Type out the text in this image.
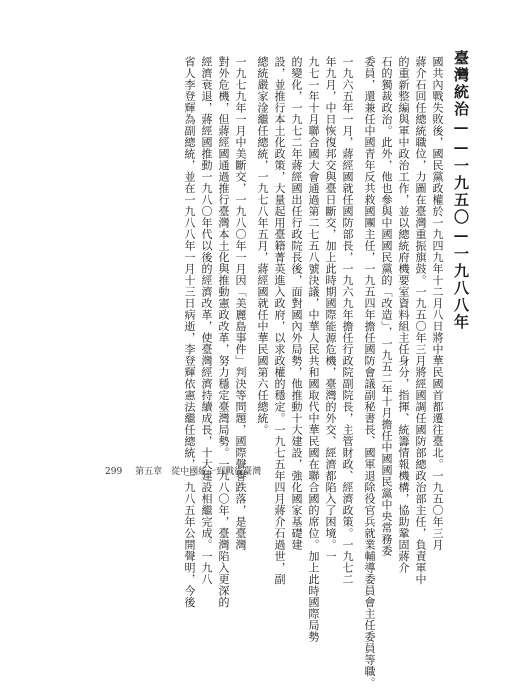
臺灣統治——一九五〇—一九八八年
國共內戰失敗後，國民黨政權於一九四九年十二月八日將中華民國首都遷往臺北。一九五〇年三月
蔣介石回任總統職位，力圖在臺灣重振旗鼓。一九五〇年三月將經國調任國防部總政治部主任，負責軍中
的重新整編與軍中政治工作，並以總統府機要室資料組主任身分，指揮、統籌情報機構，協助鞏固蔣介
石的獨裁政治。此外，他也參與中國國民黨的「改造」，一九五二年十月擔任中國國民黨中央常務委
委員，還兼任中國青年反共救國團主任，一九五四年擔任國防會議副秘書長、國軍退除役官兵就業輔導委員會主任委員等職。
一九六五年一月，蔣經國就任國防部長，一九六九年擔任行政院副院長，主管財政、經濟政策。一九七二
年九月，中日恢復邦交與臺日斷交，加上此時期國際能源危機，臺灣的外交、經濟都陷入了困境。一
九七一年十月聯合國大會通過第二七五八號決議，中華人民共和國取代中華民國在聯合國的席位。加上此時國際局勢
的變化，一九七二年蔣經國出任行政院長後，面對國內外局勢，他推動十大建設，強化國家基礎建
設，並推行本土化政策，大量起用臺籍菁英進入政府，以求政權的穩定。一九七五年四月蔣介石過世，副
總統嚴家淦繼任總統，一九七八年五月，蔣經國就任中華民國第六任總統。
一九七九年一月中美斷交，一九八〇年一月因「美麗島事件」判決等問題，國際聲譽跌落，是臺灣
對外危機，但蔣經國通過推行臺灣本土化與推動憲政改革，努力穩定臺灣局勢。一九八〇年，臺灣陷入更深的
經濟衰退，蔣經國推動一九八〇年代以後的經濟改革，使臺灣經濟持續成長，十大建設相繼完成。一九八
省人李登輝為副總統，並在一九八八年一月十三日病逝，李登輝依憲法繼任總統，一九八五年公開聲明，今後
299 第五章　從中國統一到戰後臺灣
